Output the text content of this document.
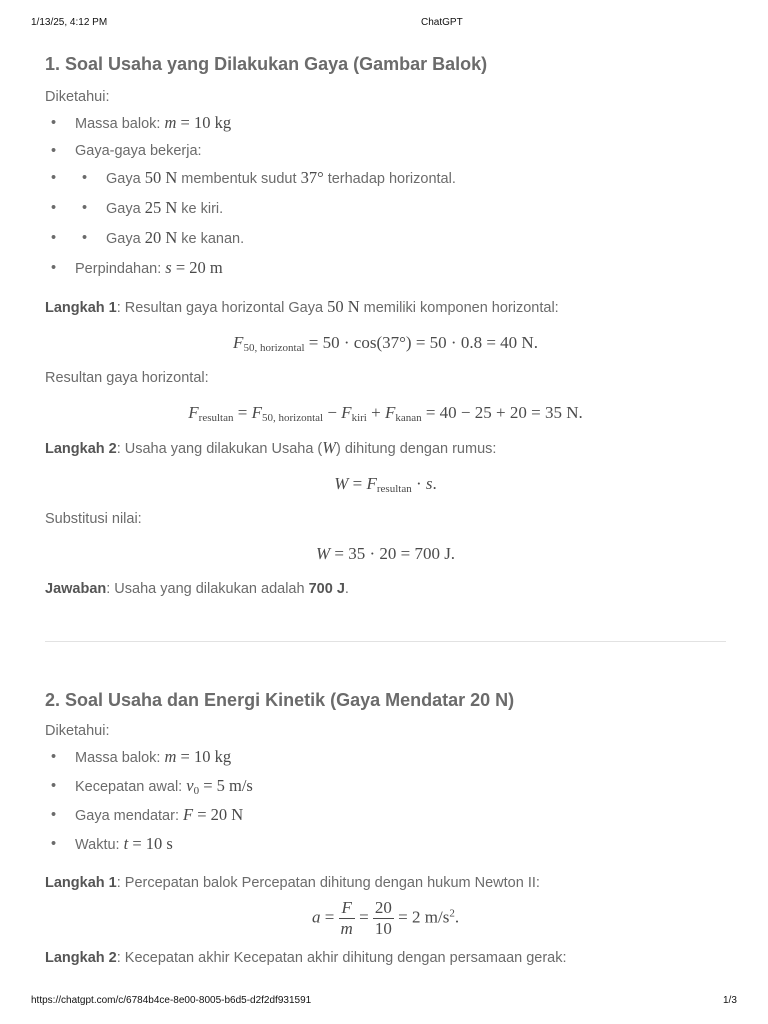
1/13/25, 4:12 PM	ChatGPT
1. Soal Usaha yang Dilakukan Gaya (Gambar Balok)

Diketahui:

• Massa balok: m = 10 kg
• Gaya-gaya bekerja:
• • Gaya 50 N membentuk sudut 37° terhadap horizontal.
• • Gaya 25 N ke kiri.
• • Gaya 20 N ke kanan.
• Perpindahan: s = 20 m

Langkah 1: Resultan gaya horizontal Gaya 50 N memiliki komponen horizontal:

$F_{50, horizontal} = 50 \cdot \cos(37^\circ) = 50 \cdot 0.8 = 40$ N.

Resultan gaya horizontal:

$F_{resultan} = F_{50, horizontal} - F_{kiri} + F_{kanan} = 40 - 25 + 20 = 35$ N.

Langkah 2: Usaha yang dilakukan Usaha (W) dihitung dengan rumus:

$W = F_{resultan} \cdot s$.

Substitusi nilai:

W = 35 · 20 = 700 J.

Jawaban: Usaha yang dilakukan adalah 700 J.

2. Soal Usaha dan Energi Kinetik (Gaya Mendatar 20 N)

Diketahui:

• Massa balok: m = 10 kg
• Kecepatan awal: $v_0 = 5$ m/s
• Gaya mendatar: F = 20 N
• Waktu: t = 10 s

Langkah 1: Percepatan balok Percepatan dihitung dengan hukum Newton II:

$a = \frac{F}{m} = \frac{20}{10} = 2$ $m/s^2$.

Langkah 2: Kecepatan akhir Kecepatan akhir dihitung dengan persamaan gerak:

https://chatgpt.com/c/6784b4ce-8e00-8005-b6d5-d2f2df931591	1/3
